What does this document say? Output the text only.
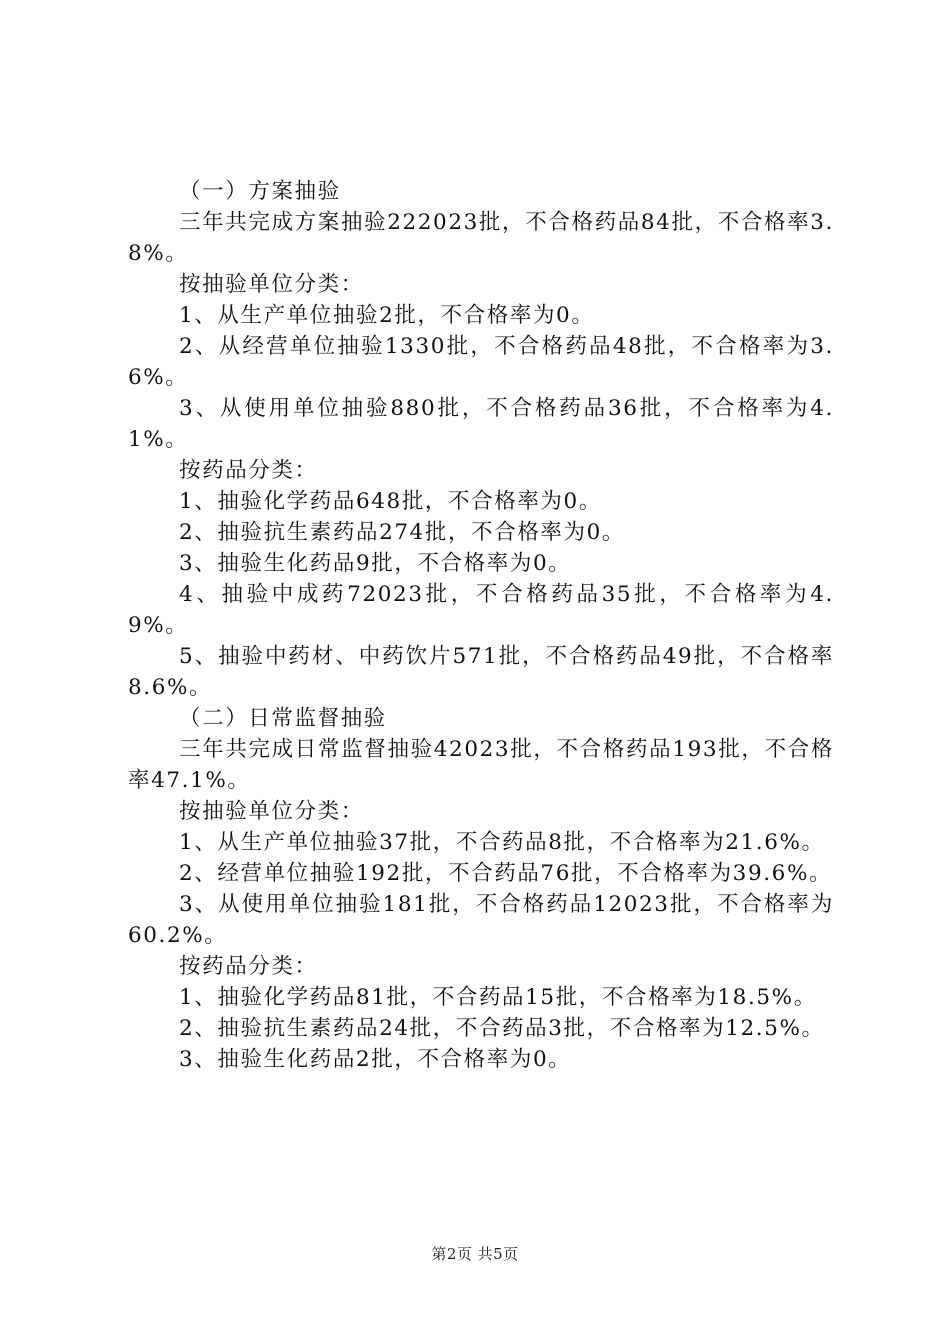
（一）方案抽验

三年共完成方案抽验222023批，不合格药品84批，不合格率3.8%。

按抽验单位分类：

1、从生产单位抽验2批，不合格率为0。

2、从经营单位抽验1330批，不合格药品48批，不合格率为3.6%。

3、从使用单位抽验880批，不合格药品36批，不合格率为4.1%。

按药品分类：

1、抽验化学药品648批，不合格率为0。

2、抽验抗生素药品274批，不合格率为0。

3、抽验生化药品9批，不合格率为0。

4、抽验中成药72023批，不合格药品35批，不合格率为4.9%。

5、抽验中药材、中药饮片571批，不合格药品49批，不合格率8.6%。

（二）日常监督抽验

三年共完成日常监督抽验42023批，不合格药品193批，不合格率47.1%。

按抽验单位分类：

1、从生产单位抽验37批，不合药品8批，不合格率为21.6%。

2、经营单位抽验192批，不合药品76批，不合格率为39.6%。

3、从使用单位抽验181批，不合格药品12023批，不合格率为60.2%。

按药品分类：

1、抽验化学药品81批，不合药品15批，不合格率为18.5%。

2、抽验抗生素药品24批，不合药品3批，不合格率为12.5%。

3、抽验生化药品2批，不合格率为0。

第2页 共5页
